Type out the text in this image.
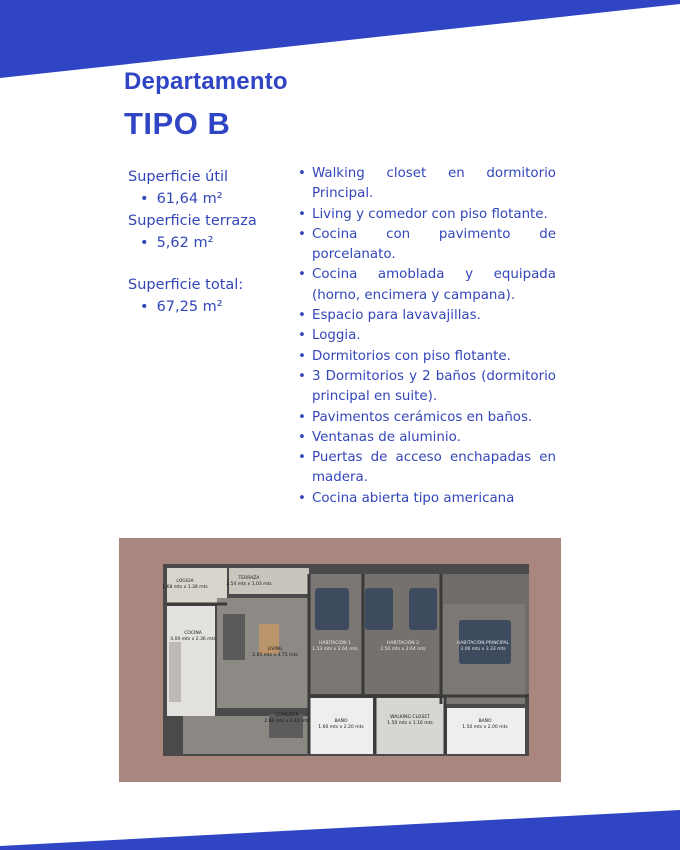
Departamento
TIPO B
Superficie útil
• 61,64 m²
Superficie terraza
• 5,62 m²
Superficie total:
• 67,25 m²
• Walking closet en dormitorio Principal.
• Living y comedor con piso flotante.
• Cocina con pavimento de porcelanato.
• Cocina amoblada y equipada (horno, encimera y campana).
• Espacio para lavavajillas.
• Loggia.
• Dormitorios con piso flotante.
• 3 Dormitorios y 2 baños (dormitorio principal en suite).
• Pavimentos cerámicos en baños.
• Ventanas de aluminio.
• Puertas de acceso enchapadas en madera.
• Cocina abierta tipo americana
TERRAZA
3.54 mts x 1.03 mts
LOGGIA
1.68 mts x 1.38 mts
COCINA
4.00 mts x 2.36 mts
LIVING
2.85 mts x 4.75 mts
COMEDOR
2.80 mts x 2.42 mts
HABITACIÓN 1
1.53 mts x 2.64 mts
HABITACIÓN 2
2.50 mts x 2.64 mts
HABITACIÓN PRINCIPAL
3.06 mts x 3.33 mts
BAÑO
1.60 mts x 2.20 mts
WALKING CLOSET
1.50 mts x 1.16 mts	BAÑO
1.50 mts x 2.00 mts
